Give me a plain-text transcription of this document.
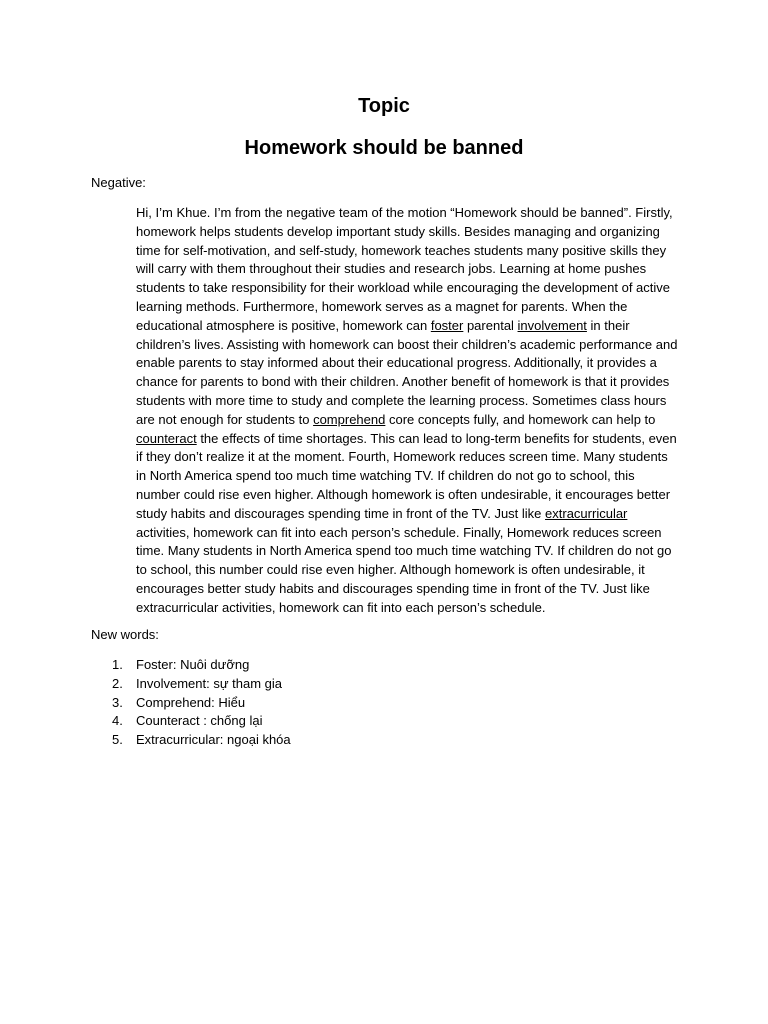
Topic
Homework should be banned

Negative:

Hi, I’m Khue. I’m from the negative team of the motion “Homework should be banned”. Firstly, homework helps students develop important study skills. Besides managing and organizing time for self-motivation, and self-study, homework teaches students many positive skills they will carry with them throughout their studies and research jobs. Learning at home pushes students to take responsibility for their workload while encouraging the development of active learning methods. Furthermore, homework serves as a magnet for parents. When the educational atmosphere is positive, homework can foster parental involvement in their children’s lives. Assisting with homework can boost their children’s academic performance and enable parents to stay informed about their educational progress. Additionally, it provides a chance for parents to bond with their children. Another benefit of homework is that it provides students with more time to study and complete the learning process. Sometimes class hours are not enough for students to comprehend core concepts fully, and homework can help to counteract the effects of time shortages. This can lead to long-term benefits for students, even if they don’t realize it at the moment. Fourth, Homework reduces screen time. Many students in North America spend too much time watching TV. If children do not go to school, this number could rise even higher. Although homework is often undesirable, it encourages better study habits and discourages spending time in front of the TV. Just like extracurricular activities, homework can fit into each person’s schedule. Finally, Homework reduces screen time. Many students in North America spend too much time watching TV. If children do not go to school, this number could rise even higher. Although homework is often undesirable, it encourages better study habits and discourages spending time in front of the TV. Just like extracurricular activities, homework can fit into each person’s schedule.

New words:

1. Foster: Nuôi dưỡng
2. Involvement: sự tham gia
3. Comprehend: Hiểu
4. Counteract : chống lại
5. Extracurricular: ngoại khóa
